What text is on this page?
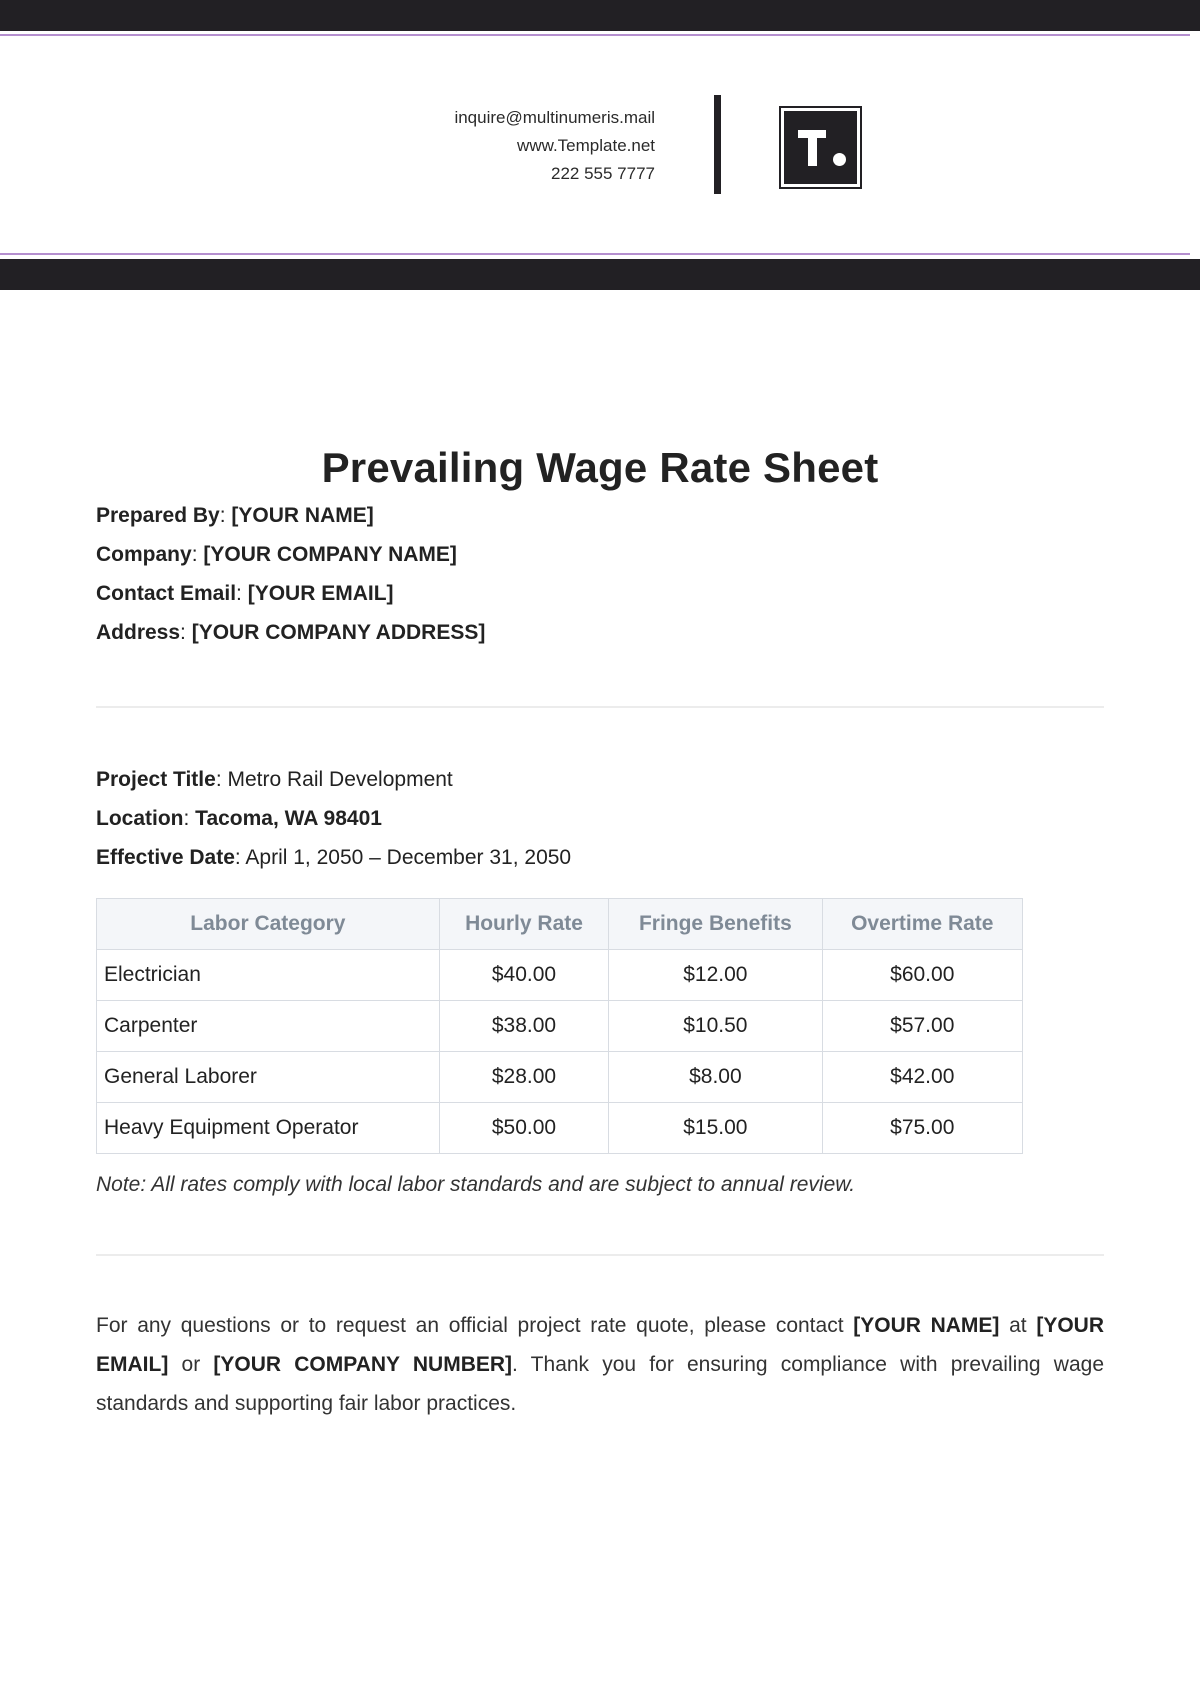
inquire@multinumeris.mail
www.Template.net
222 555 7777
Prevailing Wage Rate Sheet
Prepared By: [YOUR NAME]
Company: [YOUR COMPANY NAME]
Contact Email: [YOUR EMAIL]
Address: [YOUR COMPANY ADDRESS]
Project Title: Metro Rail Development
Location: Tacoma, WA 98401
Effective Date: April 1, 2050 – December 31, 2050
Labor Category	Hourly Rate	Fringe Benefits	Overtime Rate
Electrician	$40.00	$12.00	$60.00
Carpenter	$38.00	$10.50	$57.00
General Laborer	$28.00	$8.00	$42.00
Heavy Equipment Operator	$50.00	$15.00	$75.00
Note: All rates comply with local labor standards and are subject to annual review.

For any questions or to request an official project rate quote, please contact [YOUR NAME] at [YOUR EMAIL] or [YOUR COMPANY NUMBER]. Thank you for ensuring compliance with prevailing wage standards and supporting fair labor practices.
